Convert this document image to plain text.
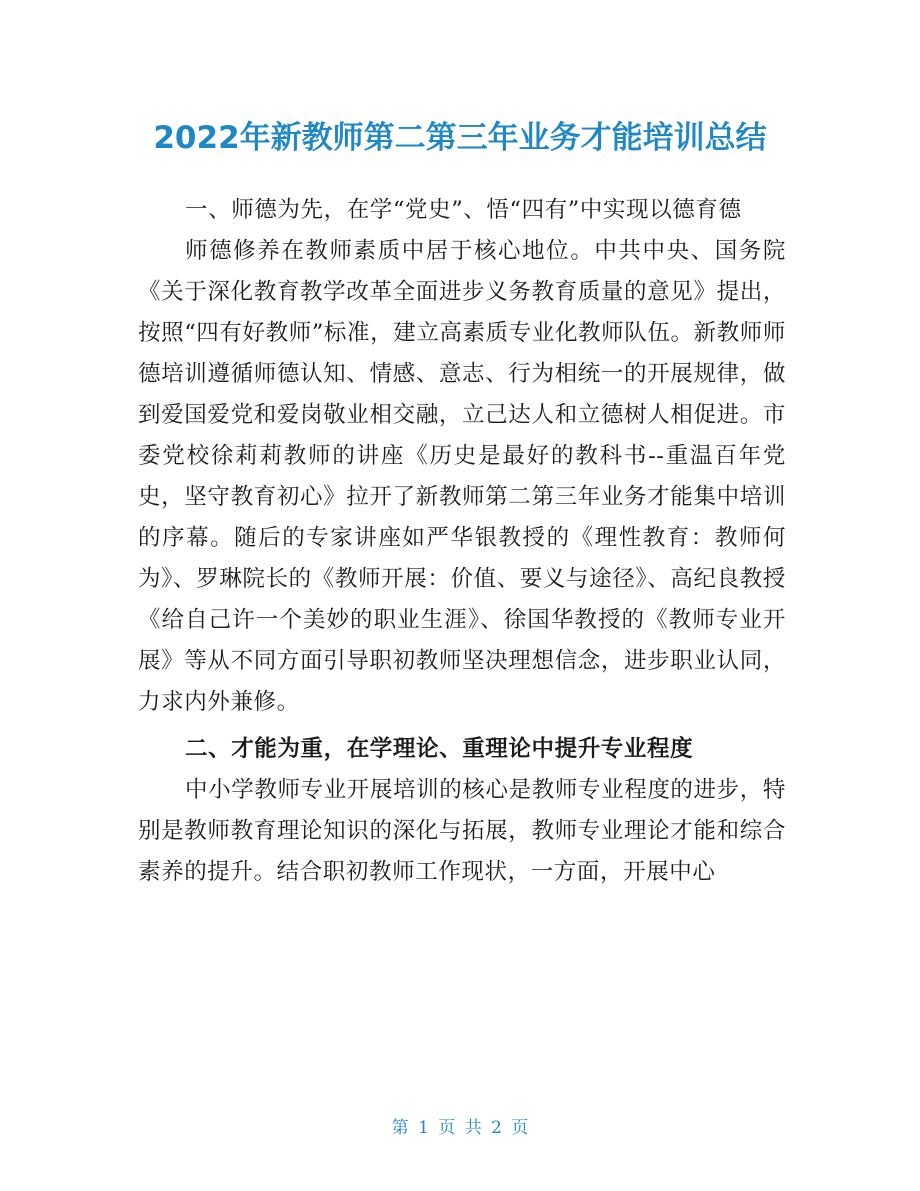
2022年新教师第二第三年业务才能培训总结

一、师德为先，在学“党史”、悟“四有”中实现以德育德

师德修养在教师素质中居于核心地位。中共中央、国务院《关于深化教育教学改革全面进步义务教育质量的意见》提出，按照“四有好教师”标准，建立高素质专业化教师队伍。新教师师德培训遵循师德认知、情感、意志、行为相统一的开展规律，做到爱国爱党和爱岗敬业相交融，立己达人和立德树人相促进。市委党校徐莉莉教师的讲座《历史是最好的教科书--重温百年党史，坚守教育初心》拉开了新教师第二第三年业务才能集中培训的序幕。随后的专家讲座如严华银教授的《理性教育：教师何为》、罗琳院长的《教师开展：价值、要义与途径》、高纪良教授《给自己许一个美妙的职业生涯》、徐国华教授的《教师专业开展》等从不同方面引导职初教师坚决理想信念，进步职业认同，力求内外兼修。

二、才能为重，在学理论、重理论中提升专业程度

中小学教师专业开展培训的核心是教师专业程度的进步，特别是教师教育理论知识的深化与拓展，教师专业理论才能和综合素养的提升。结合职初教师工作现状，一方面，开展中心

第 1 页 共 2 页
